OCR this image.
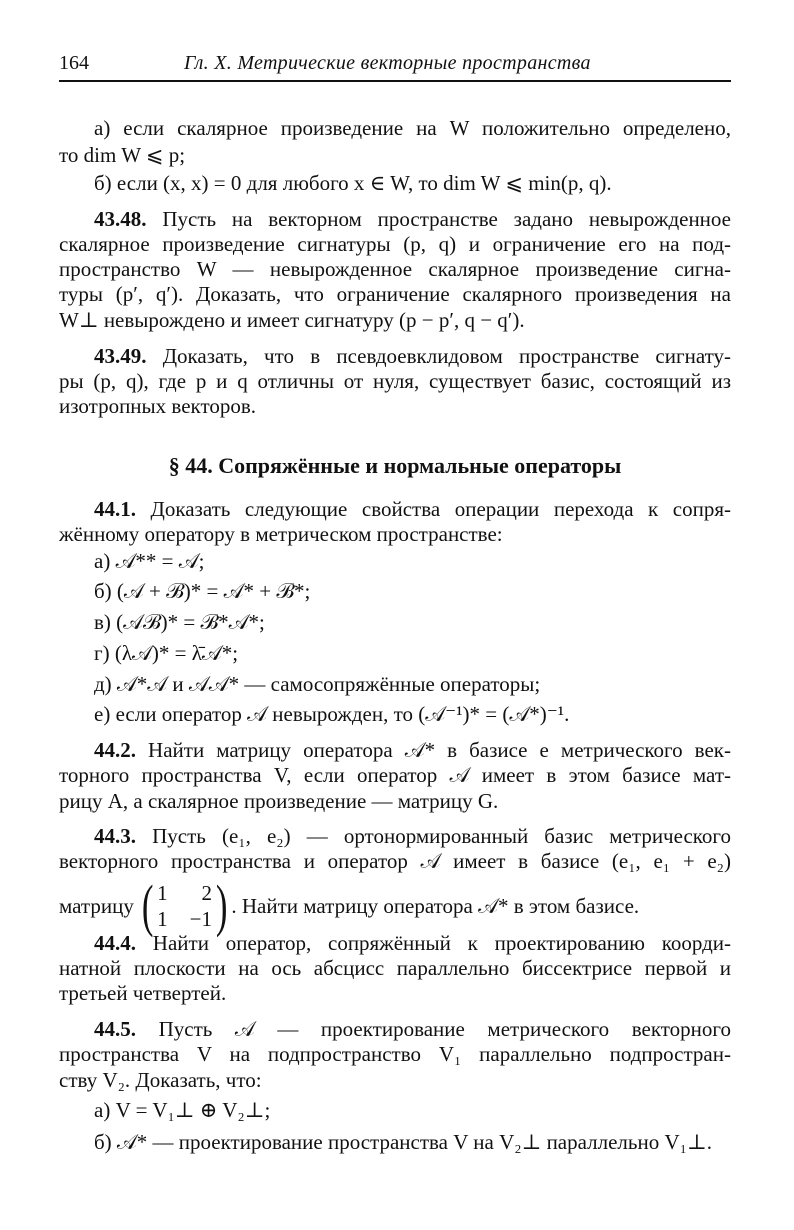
164	Гл. X. Метрические векторные пространства
§ 44. Сопряжённые и нормальные операторы
а) если скалярное произведение на W положительно определено,
то dim W ⩽ p;
б) если (x, x) = 0 для любого x ∈ W, то dim W ⩽ min(p, q).
43.48. Пусть на векторном пространстве задано невырожденное
скалярное произведение сигнатуры (p, q) и ограничение его на под-
пространство W — невырожденное скалярное произведение сигна-
туры (p′, q′). Доказать, что ограничение скалярного произведения на
W⊥ невырождено и имеет сигнатуру (p − p′, q − q′).
43.49. Доказать, что в псевдоевклидовом пространстве сигнату-
ры (p, q), где p и q отличны от нуля, существует базис, состоящий из
изотропных векторов.
44.1. Доказать следующие свойства операции перехода к сопря-
жённому оператору в метрическом пространстве:
а) 𝒜** = 𝒜;
б) (𝒜 + ℬ)* = 𝒜* + ℬ*;
в) (𝒜ℬ)* = ℬ*𝒜*;
г) (λ𝒜)* = λ̄𝒜*;
д) 𝒜*𝒜 и 𝒜𝒜* — самосопряжённые операторы;
е) если оператор 𝒜 невырожден, то (𝒜⁻¹)* = (𝒜*)⁻¹.
44.2. Найти матрицу оператора 𝒜* в базисе e метрического век-
торного пространства V, если оператор 𝒜 имеет в этом базисе мат-
рицу A, а скалярное произведение — матрицу G.
44.3. Пусть (e₁, e₂) — ортонормированный базис метрического
векторного пространства и оператор 𝒜 имеет в базисе (e₁, e₁ + e₂)
44.4. Найти оператор, сопряжённый к проектированию коорди-
натной плоскости на ось абсцисс параллельно биссектрисе первой и
третьей четвертей.
44.5. Пусть 𝒜 — проектирование метрического векторного
пространства V на подпространство V₁ параллельно подпростран-
ству V₂. Доказать, что:
а) V = V₁⊥ ⊕ V₂⊥;
б) 𝒜* — проектирование пространства V на V₂⊥ параллельно V₁⊥.
матрицу ( 1	2
1 −1 ) . Найти матрицу оператора 𝒜* в этом базисе.
